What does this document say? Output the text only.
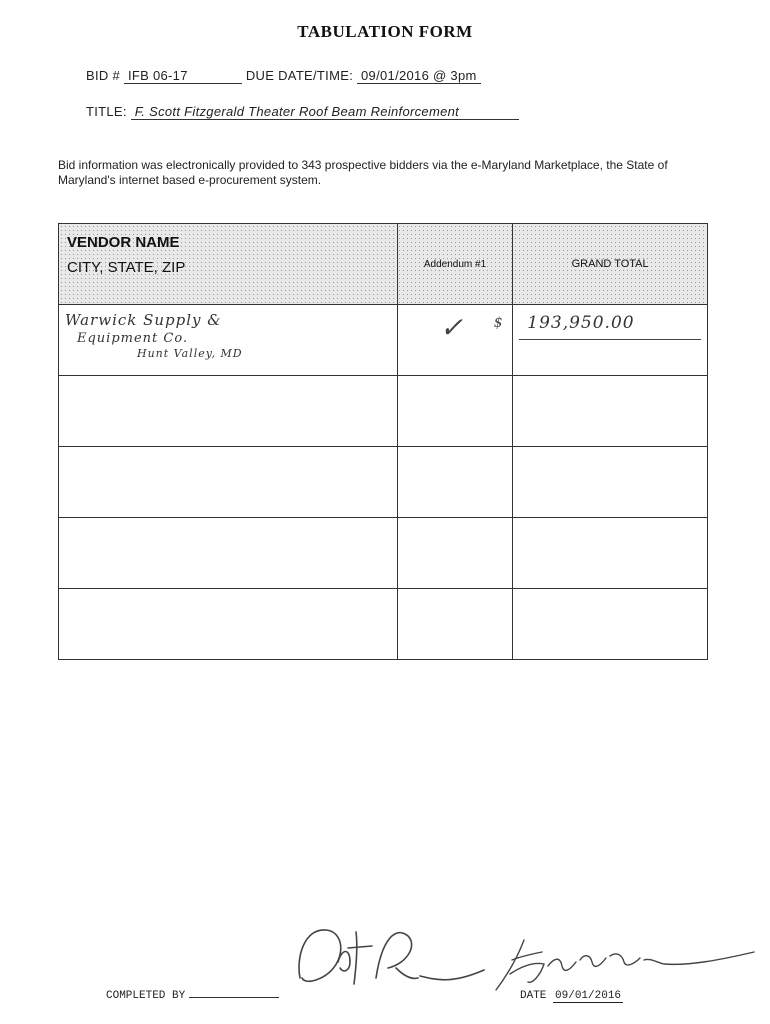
TABULATION FORM
BID # IFB 06-17	DUE DATE/TIME: 09/01/2016 @ 3pm
TITLE: F. Scott Fitzgerald Theater Roof Beam Reinforcement
Bid information was electronically provided to 343 prospective bidders via the e-Maryland Marketplace, the State of Maryland's internet based e-procurement system.
VENDOR NAME
CITY, STATE, ZIP	Addendum #1	GRAND TOTAL

Warwick Supply &
Equipment Co.
Hunt Valley, MD	✓ $	193,950.00

COMPLETED BY	DATE 09/01/2016
